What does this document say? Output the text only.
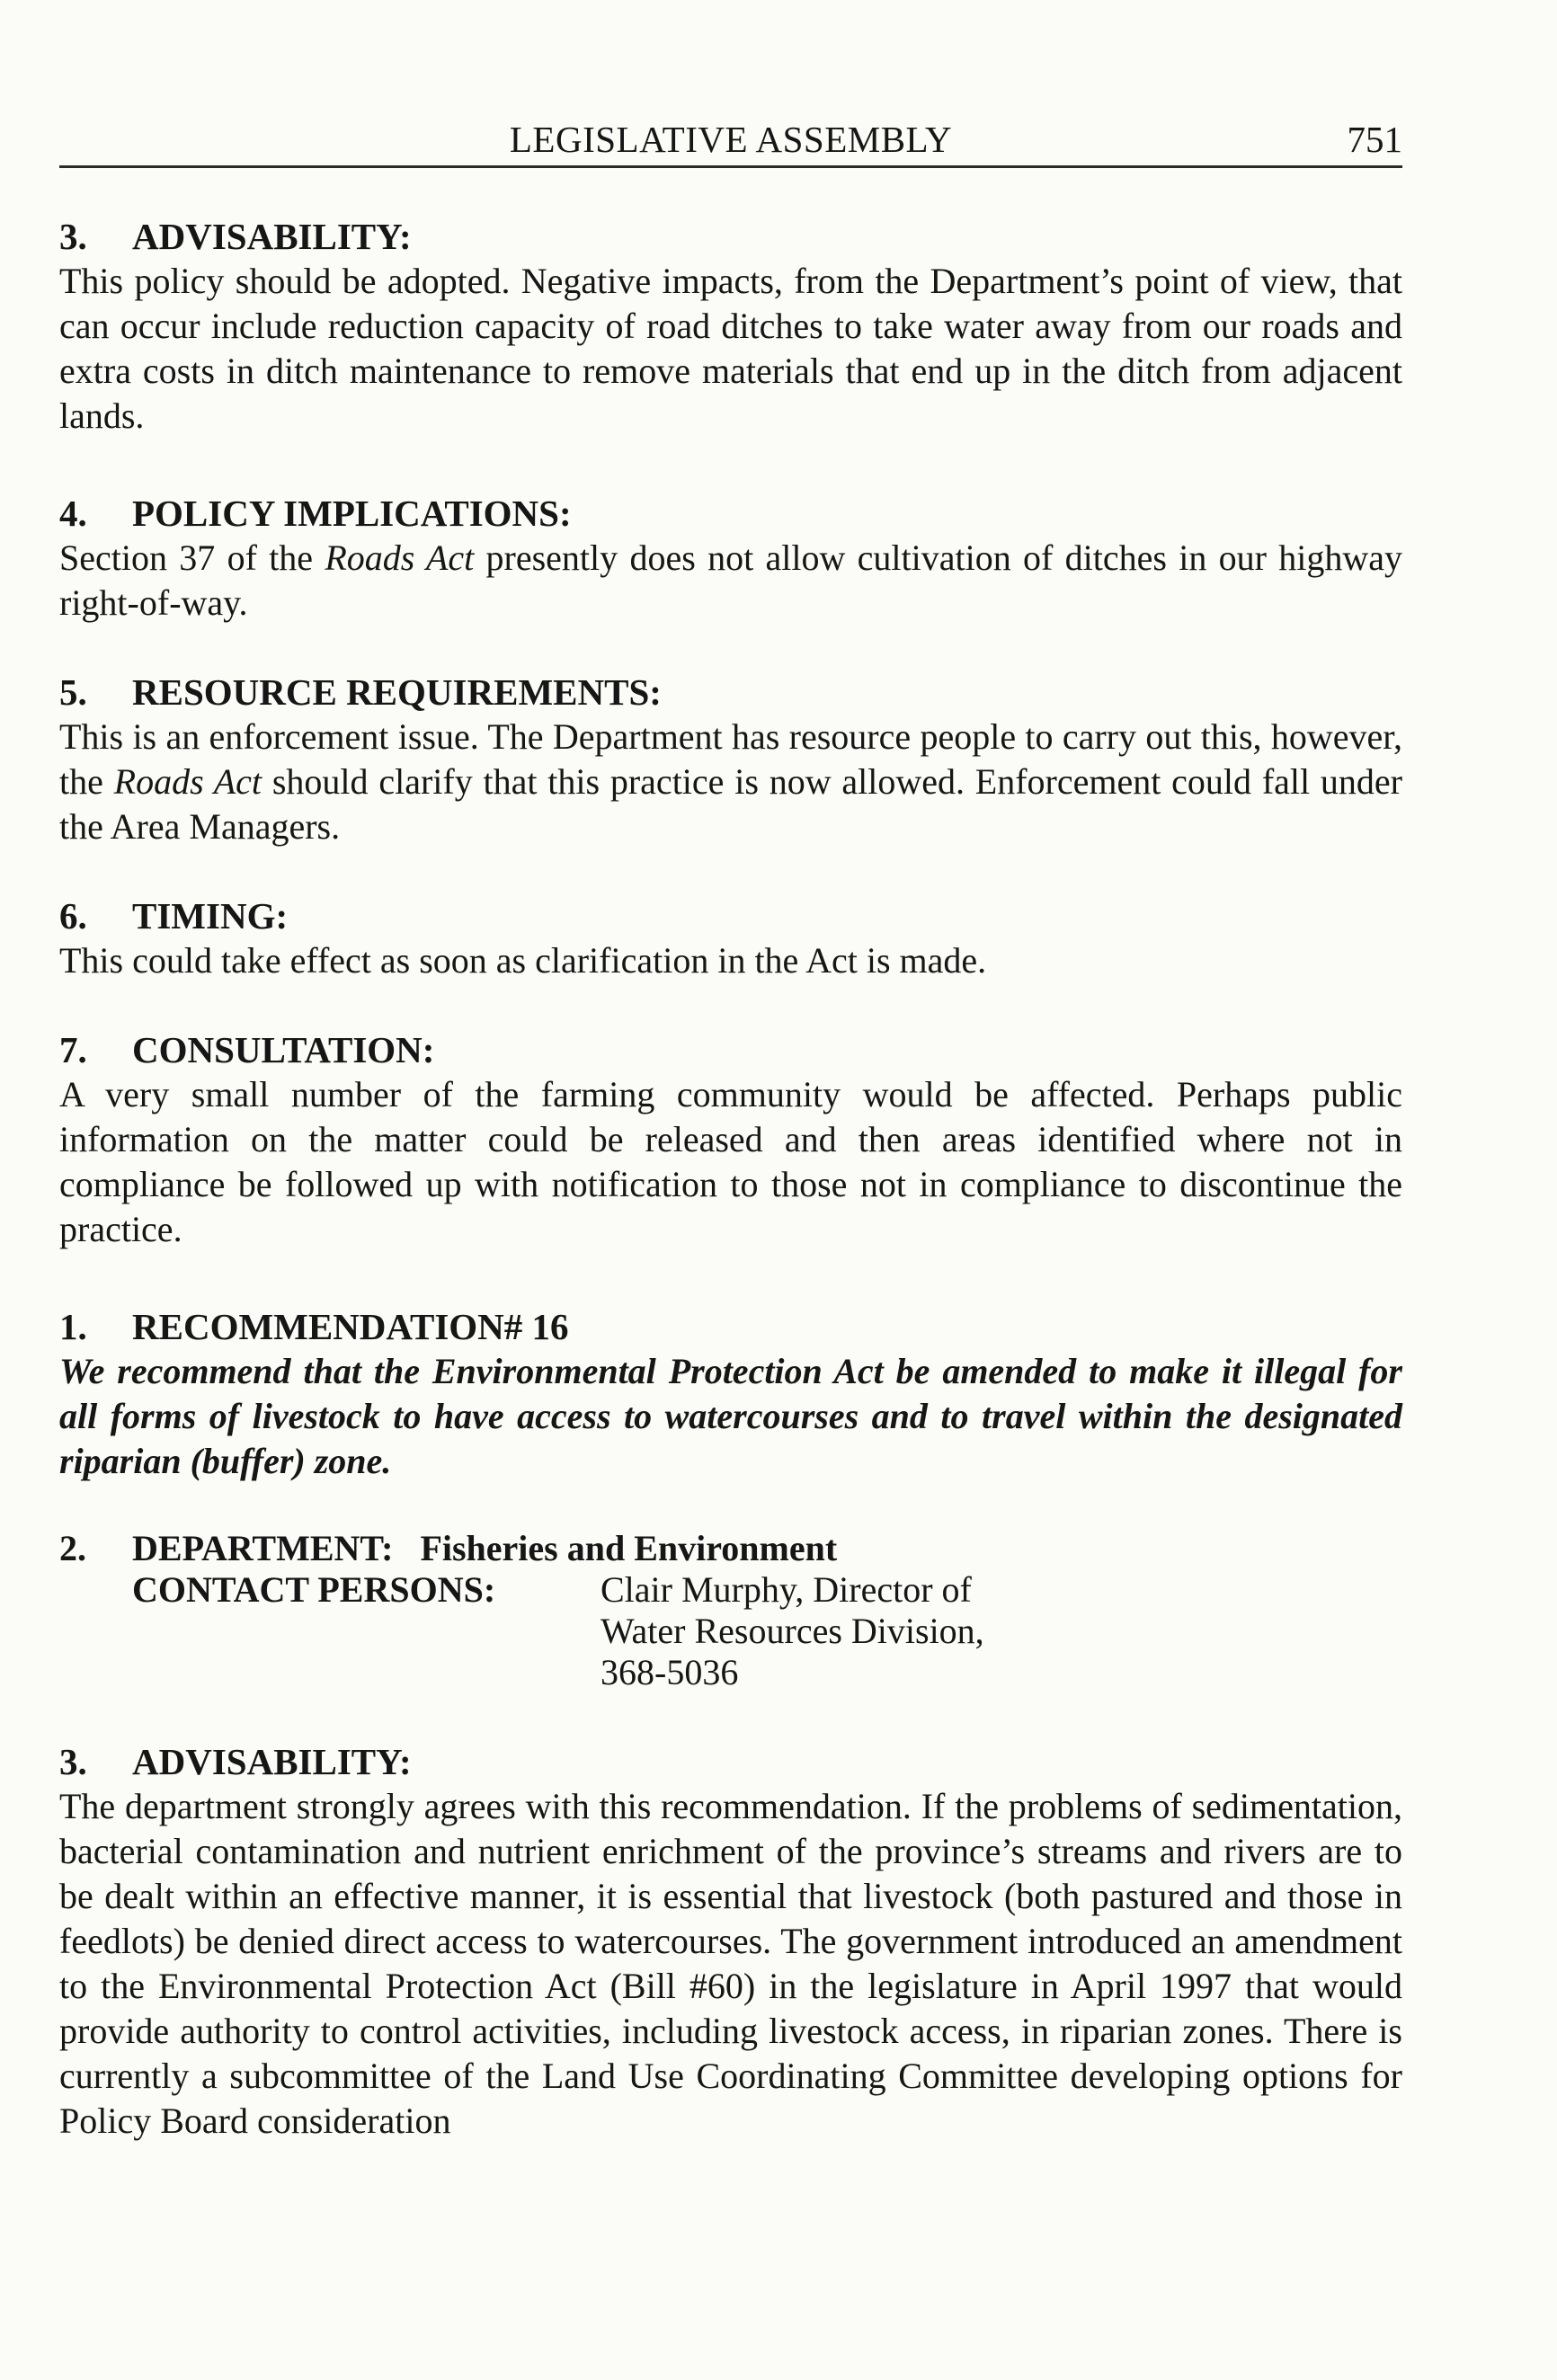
LEGISLATIVE ASSEMBLY	751

3. ADVISABILITY:

This policy should be adopted. Negative impacts, from the Department’s point of view, that can occur include reduction capacity of road ditches to take water away from our roads and extra costs in ditch maintenance to remove materials that end up in the ditch from adjacent lands.

4. POLICY IMPLICATIONS:

Section 37 of the Roads Act presently does not allow cultivation of ditches in our highway right-of-way.

5. RESOURCE REQUIREMENTS:

This is an enforcement issue. The Department has resource people to carry out this, however, the Roads Act should clarify that this practice is now allowed. Enforcement could fall under the Area Managers.

6. TIMING:

This could take effect as soon as clarification in the Act is made.

7. CONSULTATION:

A very small number of the farming community would be affected. Perhaps public information on the matter could be released and then areas identified where not in compliance be followed up with notification to those not in compliance to discontinue the practice.

1. RECOMMENDATION# 16

We recommend that the Environmental Protection Act be amended to make it illegal for all forms of livestock to have access to watercourses and to travel within the designated riparian (buffer) zone.

2. DEPARTMENT: Fisheries and Environment

CONTACT PERSONS:	Clair Murphy, Director of
Water Resources Division,
368-5036

3. ADVISABILITY:

The department strongly agrees with this recommendation. If the problems of sedimentation, bacterial contamination and nutrient enrichment of the province’s streams and rivers are to be dealt within an effective manner, it is essential that livestock (both pastured and those in feedlots) be denied direct access to watercourses. The government introduced an amendment to the Environmental Protection Act (Bill #60) in the legislature in April 1997 that would provide authority to control activities, including livestock access, in riparian zones. There is currently a subcommittee of the Land Use Coordinating Committee developing options for Policy Board consideration
